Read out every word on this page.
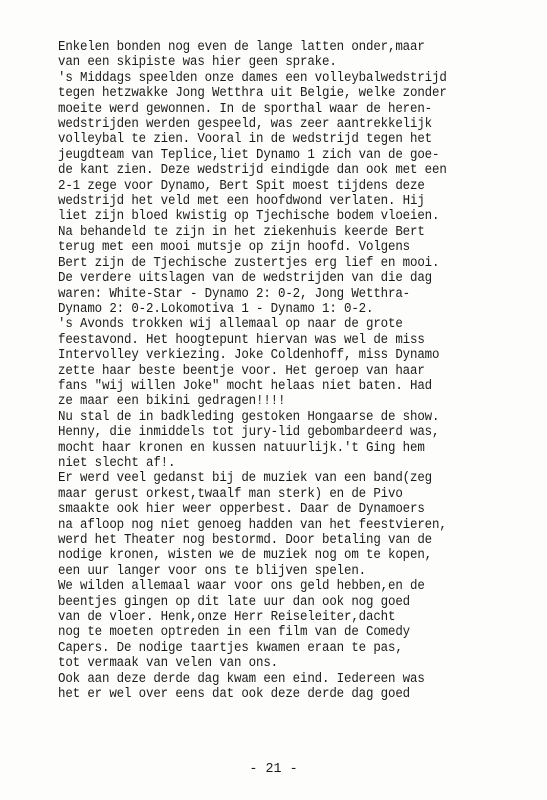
Enkelen bonden nog even de lange latten onder,maar
van een skipiste was hier geen sprake.
's Middags speelden onze dames een volleybalwedstrijd
tegen hetzwakke Jong Wetthra uit Belgie, welke zonder
moeite werd gewonnen. In de sporthal waar de heren-
wedstrijden werden gespeeld, was zeer aantrekkelijk
volleybal te zien. Vooral in de wedstrijd tegen het
jeugdteam van Teplice,liet Dynamo 1 zich van de goe-
de kant zien. Deze wedstrijd eindigde dan ook met een
2-1 zege voor Dynamo, Bert Spit moest tijdens deze
wedstrijd het veld met een hoofdwond verlaten. Hij
liet zijn bloed kwistig op Tjechische bodem vloeien.
Na behandeld te zijn in het ziekenhuis keerde Bert
terug met een mooi mutsje op zijn hoofd. Volgens
Bert zijn de Tjechische zustertjes erg lief en mooi.
De verdere uitslagen van de wedstrijden van die dag
waren: White-Star - Dynamo 2: 0-2, Jong Wetthra-
Dynamo 2: 0-2.Lokomotiva 1 - Dynamo 1: 0-2.
's Avonds trokken wij allemaal op naar de grote
feestavond. Het hoogtepunt hiervan was wel de miss
Intervolley verkiezing. Joke Coldenhoff, miss Dynamo
zette haar beste beentje voor. Het geroep van haar
fans "wij willen Joke" mocht helaas niet baten. Had
ze maar een bikini gedragen!!!!
Nu stal de in badkleding gestoken Hongaarse de show.
Henny, die inmiddels tot jury-lid gebombardeerd was,
mocht haar kronen en kussen natuurlijk.'t Ging hem
niet slecht af!.
Er werd veel gedanst bij de muziek van een band(zeg
maar gerust orkest,twaalf man sterk) en de Pivo
smaakte ook hier weer opperbest. Daar de Dynamoers
na afloop nog niet genoeg hadden van het feestvieren,
werd het Theater nog bestormd. Door betaling van de
nodige kronen, wisten we de muziek nog om te kopen,
een uur langer voor ons te blijven spelen.
We wilden allemaal waar voor ons geld hebben,en de
beentjes gingen op dit late uur dan ook nog goed
van de vloer. Henk,onze Herr Reiseleiter,dacht
nog te moeten optreden in een film van de Comedy
Capers. De nodige taartjes kwamen eraan te pas,
tot vermaak van velen van ons.
Ook aan deze derde dag kwam een eind. Iedereen was
het er wel over eens dat ook deze derde dag goed
- 21 -
